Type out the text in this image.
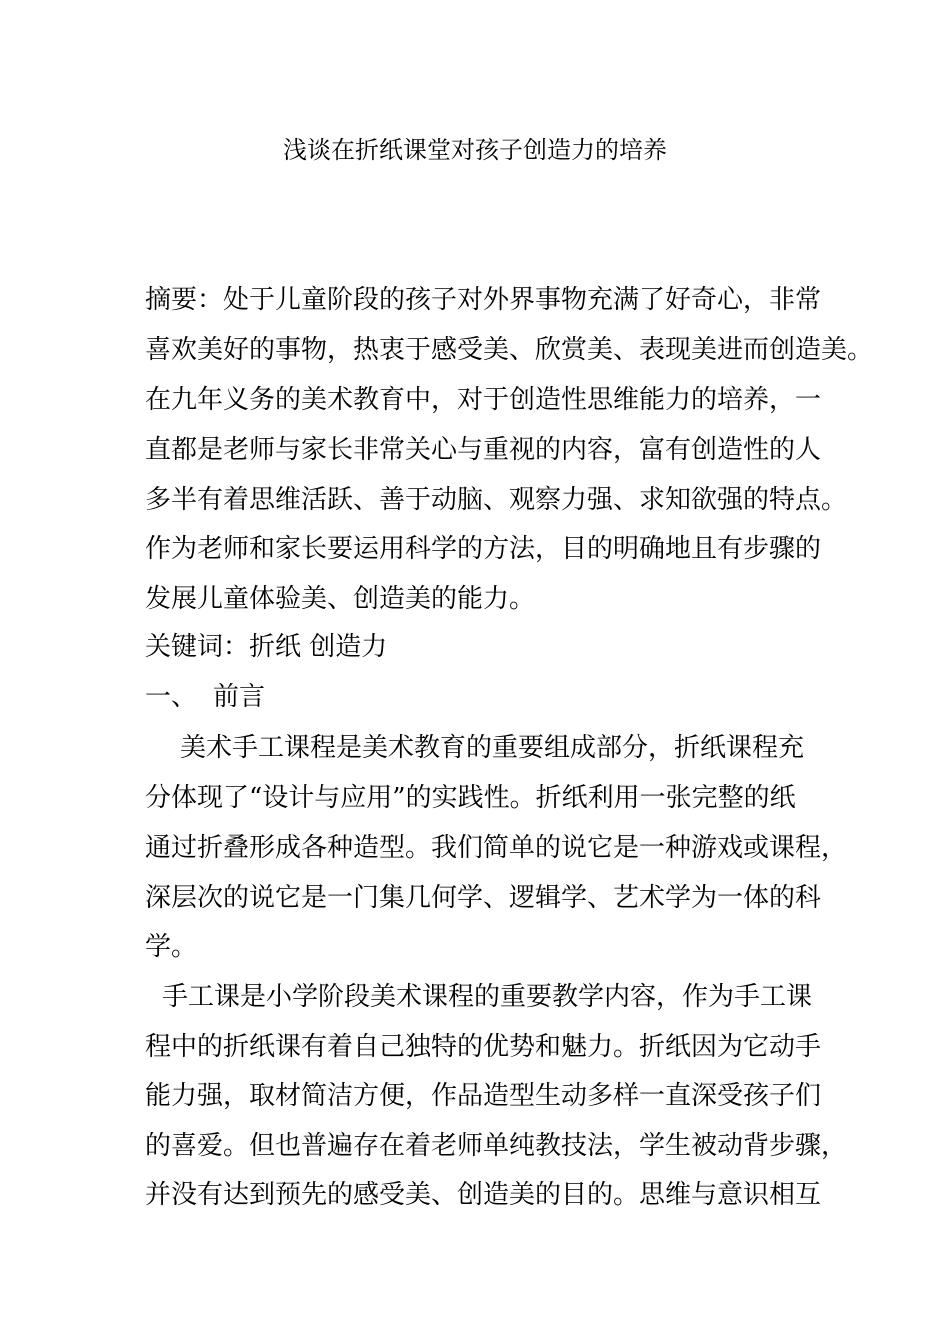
浅谈在折纸课堂对孩子创造力的培养
摘要：处于儿童阶段的孩子对外界事物充满了好奇心，非常
喜欢美好的事物，热衷于感受美、欣赏美、表现美进而创造美。
在九年义务的美术教育中，对于创造性思维能力的培养，一
直都是老师与家长非常关心与重视的内容，富有创造性的人
多半有着思维活跃、善于动脑、观察力强、求知欲强的特点。
作为老师和家长要运用科学的方法，目的明确地且有步骤的
发展儿童体验美、创造美的能力。
关键词：折纸 创造力
一、 前言
美术手工课程是美术教育的重要组成部分，折纸课程充
分体现了“设计与应用”的实践性。折纸利用一张完整的纸
通过折叠形成各种造型。我们简单的说它是一种游戏或课程，
深层次的说它是一门集几何学、逻辑学、艺术学为一体的科
学。
手工课是小学阶段美术课程的重要教学内容，作为手工课
程中的折纸课有着自己独特的优势和魅力。折纸因为它动手
能力强，取材简洁方便，作品造型生动多样一直深受孩子们
的喜爱。但也普遍存在着老师单纯教技法，学生被动背步骤，
并没有达到预先的感受美、创造美的目的。思维与意识相互
